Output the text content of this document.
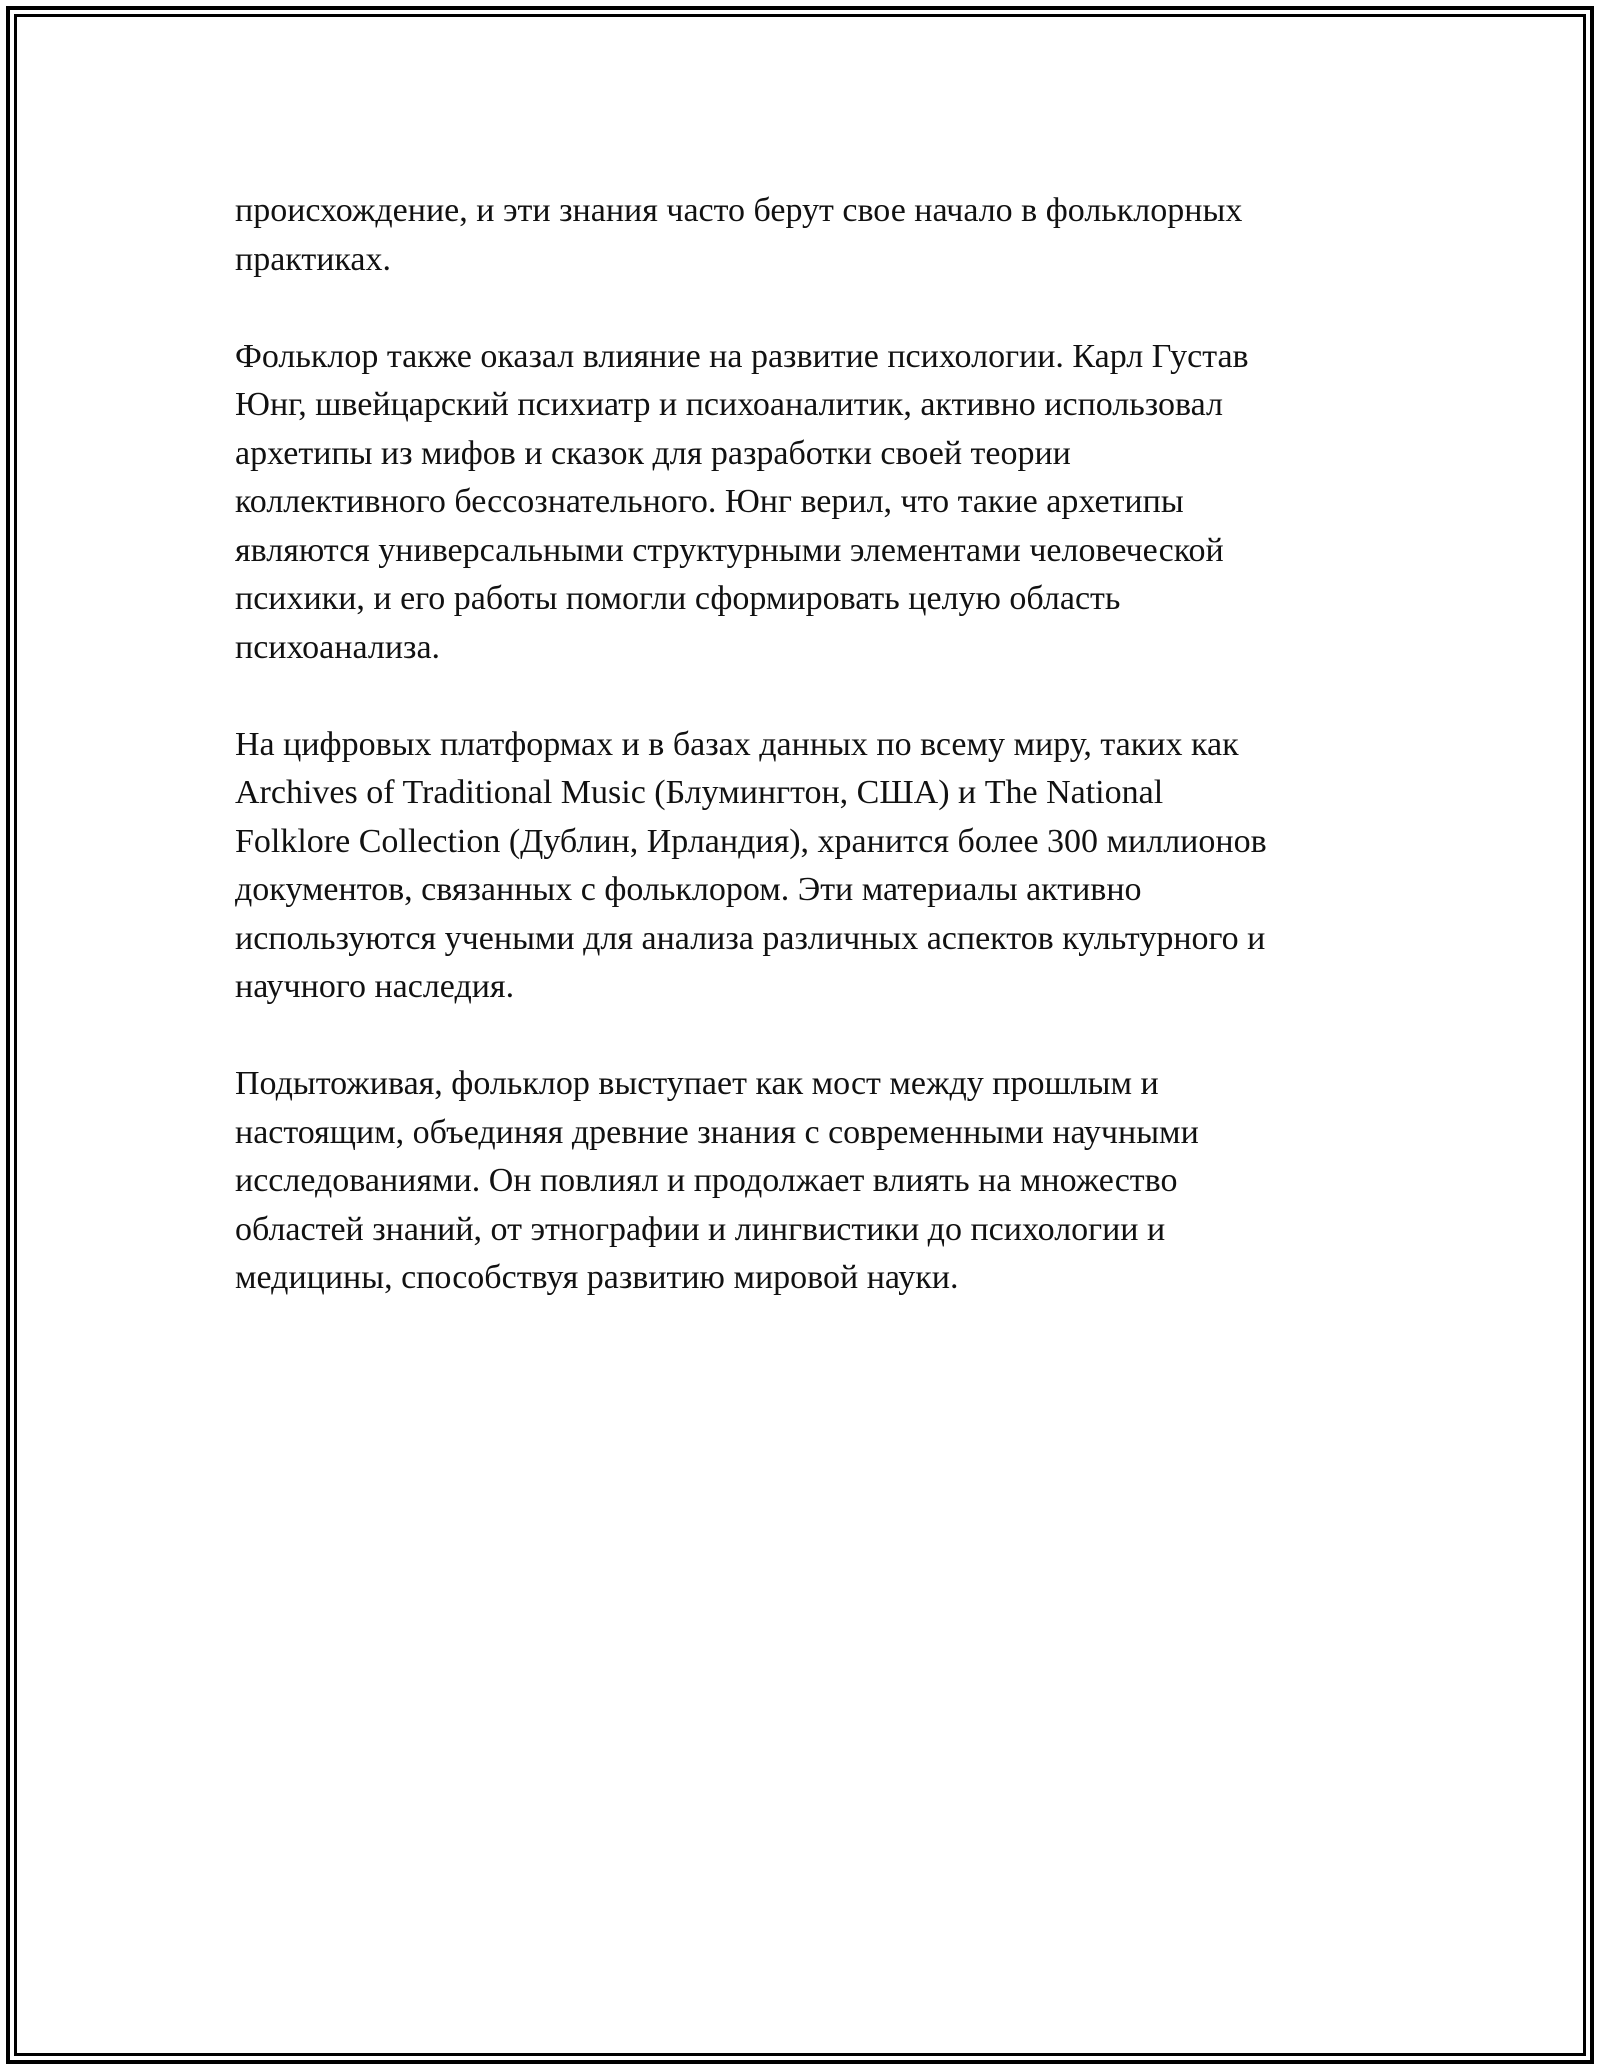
происхождение, и эти знания часто берут свое начало в фольклорных
практиках.

Фольклор также оказал влияние на развитие психологии. Карл Густав
Юнг, швейцарский психиатр и психоаналитик, активно использовал
архетипы из мифов и сказок для разработки своей теории
коллективного бессознательного. Юнг верил, что такие архетипы
являются универсальными структурными элементами человеческой
психики, и его работы помогли сформировать целую область
психоанализа.

На цифровых платформах и в базах данных по всему миру, таких как
Archives of Traditional Music (Блумингтон, США) и The National
Folklore Collection (Дублин, Ирландия), хранится более 300 миллионов
документов, связанных с фольклором. Эти материалы активно
используются учеными для анализа различных аспектов культурного и
научного наследия.

Подытоживая, фольклор выступает как мост между прошлым и
настоящим, объединяя древние знания с современными научными
исследованиями. Он повлиял и продолжает влиять на множество
областей знаний, от этнографии и лингвистики до психологии и
медицины, способствуя развитию мировой науки.
